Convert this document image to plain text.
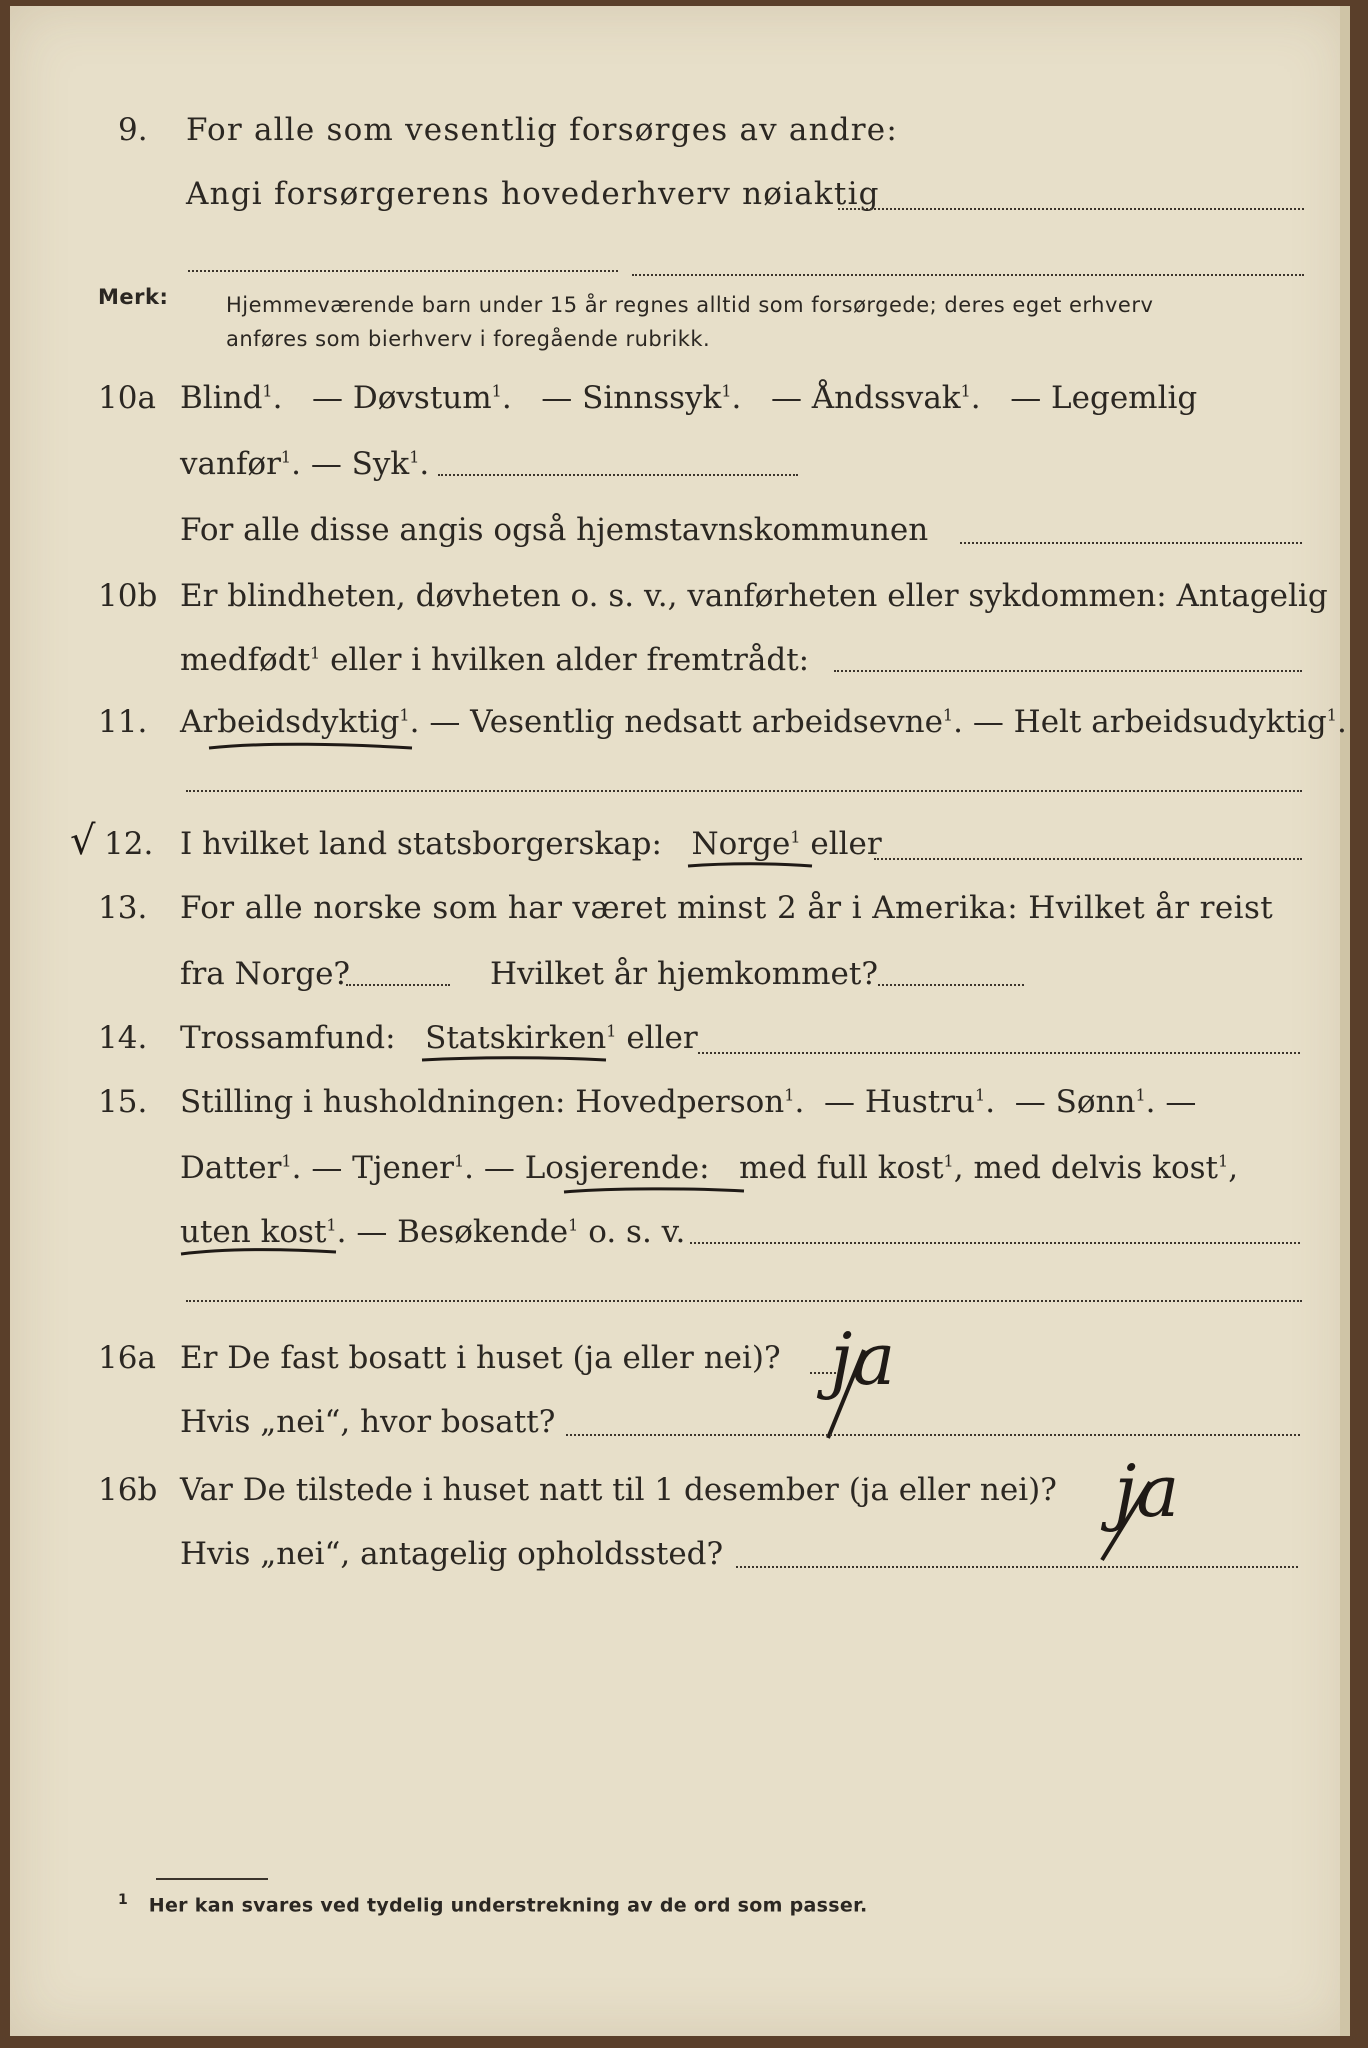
9. For alle som vesentlig forsørges av andre:
Angi forsørgerens hovederhverv nøiaktig
Merk:	Hjemmeværende barn under 15 år regnes alltid som forsørgede; deres eget erhverv
anføres som bierhverv i foregående rubrikk.
10a Blind$^1$.   — Døvstum$^1$.   — Sinnssyk$^1$.   — Åndssvak$^1$.   — Legemlig
vanfør$^1$. — Syk$^1$.
For alle disse angis også hjemstavnskommunen
10b Er blindheten, døvheten o. s. v., vanførheten eller sykdommen: Antagelig
medfødt$^1$ eller i hvilken alder fremtrådt:
11. Arbeidsdyktig$^1$. — Vesentlig nedsatt arbeidsevne$^1$. — Helt arbeidsudyktig$^1$.
√ 12. I hvilket land statsborgerskap: Norge$^1$ eller
13. For alle norske som har været minst 2 år i Amerika: Hvilket år reist
fra Norge?	Hvilket år hjemkommet?
14. Trossamfund: Statskirken$^1$ eller
15. Stilling i husholdningen: Hovedperson$^1$.  — Hustru$^1$.  — Sønn$^1$. —
Datter$^1$. — Tjener$^1$. — Losjerende: med full kost$^1$, med delvis kost$^1$,
uten kost$^1$. — Besøkende$^1$ o. s. v.
16a Er De fast bosatt i huset (ja eller nei)? ja
Hvis „nei“, hvor bosatt?
16b Var De tilstede i huset natt til 1 desember (ja eller nei)? ja
Hvis „nei“, antagelig opholdssted?
$^1$ Her kan svares ved tydelig understrekning av de ord som passer.
